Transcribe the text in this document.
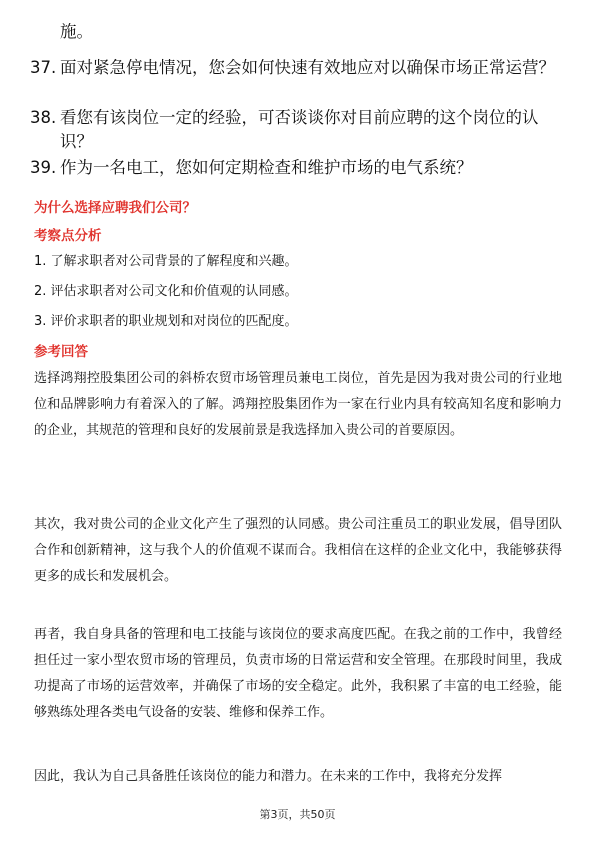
施。
37. 面对紧急停电情况，您会如何快速有效地应对以确保市场正常运营？
38. 看您有该岗位一定的经验，可否谈谈你对目前应聘的这个岗位的认识？
39. 作为一名电工，您如何定期检查和维护市场的电气系统？
为什么选择应聘我们公司？
考察点分析
1. 了解求职者对公司背景的了解程度和兴趣。
2. 评估求职者对公司文化和价值观的认同感。
3. 评价求职者的职业规划和对岗位的匹配度。
参考回答
选择鸿翔控股集团公司的斜桥农贸市场管理员兼电工岗位，首先是因为我对贵公司的行业地位和品牌影响力有着深入的了解。鸿翔控股集团作为一家在行业内具有较高知名度和影响力的企业，其规范的管理和良好的发展前景是我选择加入贵公司的首要原因。
其次，我对贵公司的企业文化产生了强烈的认同感。贵公司注重员工的职业发展，倡导团队合作和创新精神，这与我个人的价值观不谋而合。我相信在这样的企业文化中，我能够获得更多的成长和发展机会。
再者，我自身具备的管理和电工技能与该岗位的要求高度匹配。在我之前的工作中，我曾经担任过一家小型农贸市场的管理员，负责市场的日常运营和安全管理。在那段时间里，我成功提高了市场的运营效率，并确保了市场的安全稳定。此外，我积累了丰富的电工经验，能够熟练处理各类电气设备的安装、维修和保养工作。
因此，我认为自己具备胜任该岗位的能力和潜力。在未来的工作中，我将充分发挥
第3页，共50页
